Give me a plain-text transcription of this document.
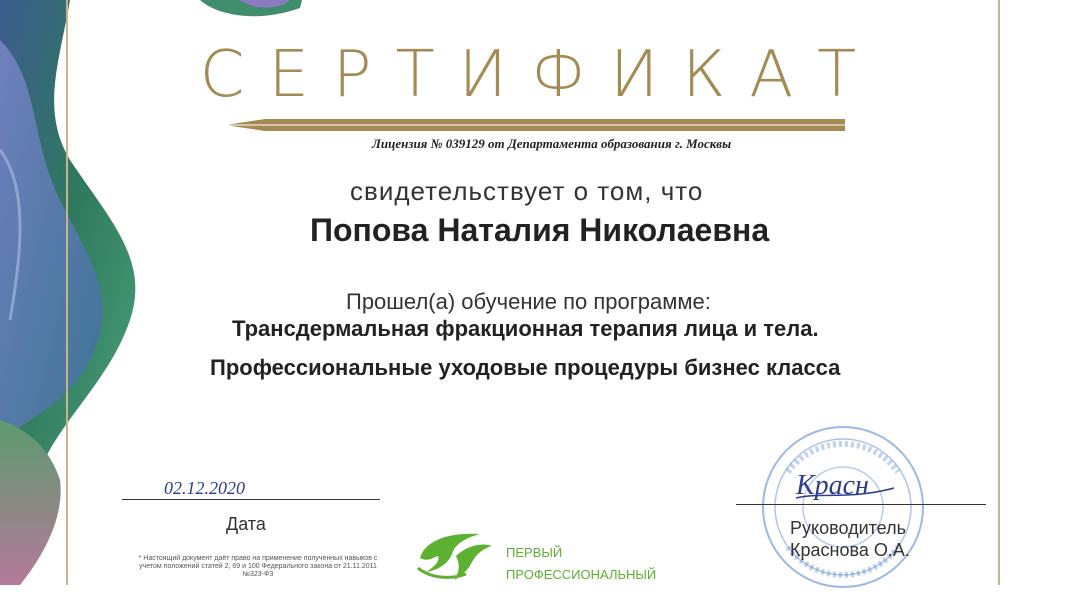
СЕРТИФИКАТ
Лицензия № 039129 от Департамента образования г. Москвы
свидетельствует о том, что
Попова Наталия Николаевна
Прошел(а) обучение по программе:
Трансдермальная фракционная терапия лица и тела.
Профессиональные уходовые процедуры бизнес класса
02.12.2020
Дата
* Настоящий документ даёт право на применение полученных навыков с учетом положений статей 2, 69 и 100 Федерального закона от 21.11.2011 №323-ФЗ
ПЕРВЫЙ
ПРОФЕССИОНАЛЬНЫЙ
Красн
Руководитель
Краснова О.А.
